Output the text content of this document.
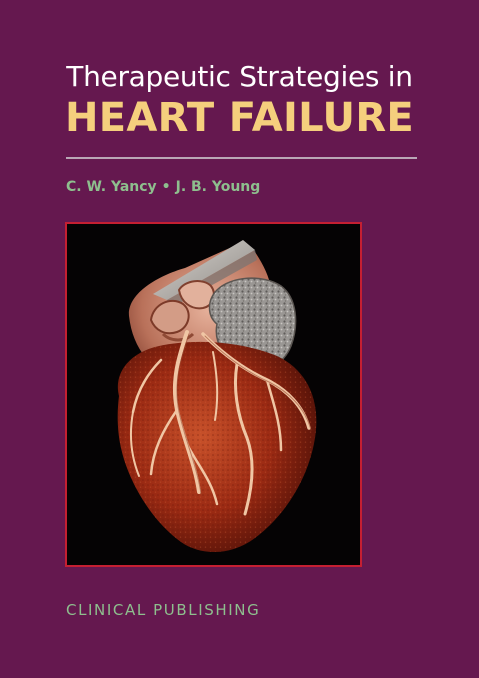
Therapeutic Strategies in
HEART FAILURE
C. W. Yancy • J. B. Young
CLINICAL PUBLISHING
